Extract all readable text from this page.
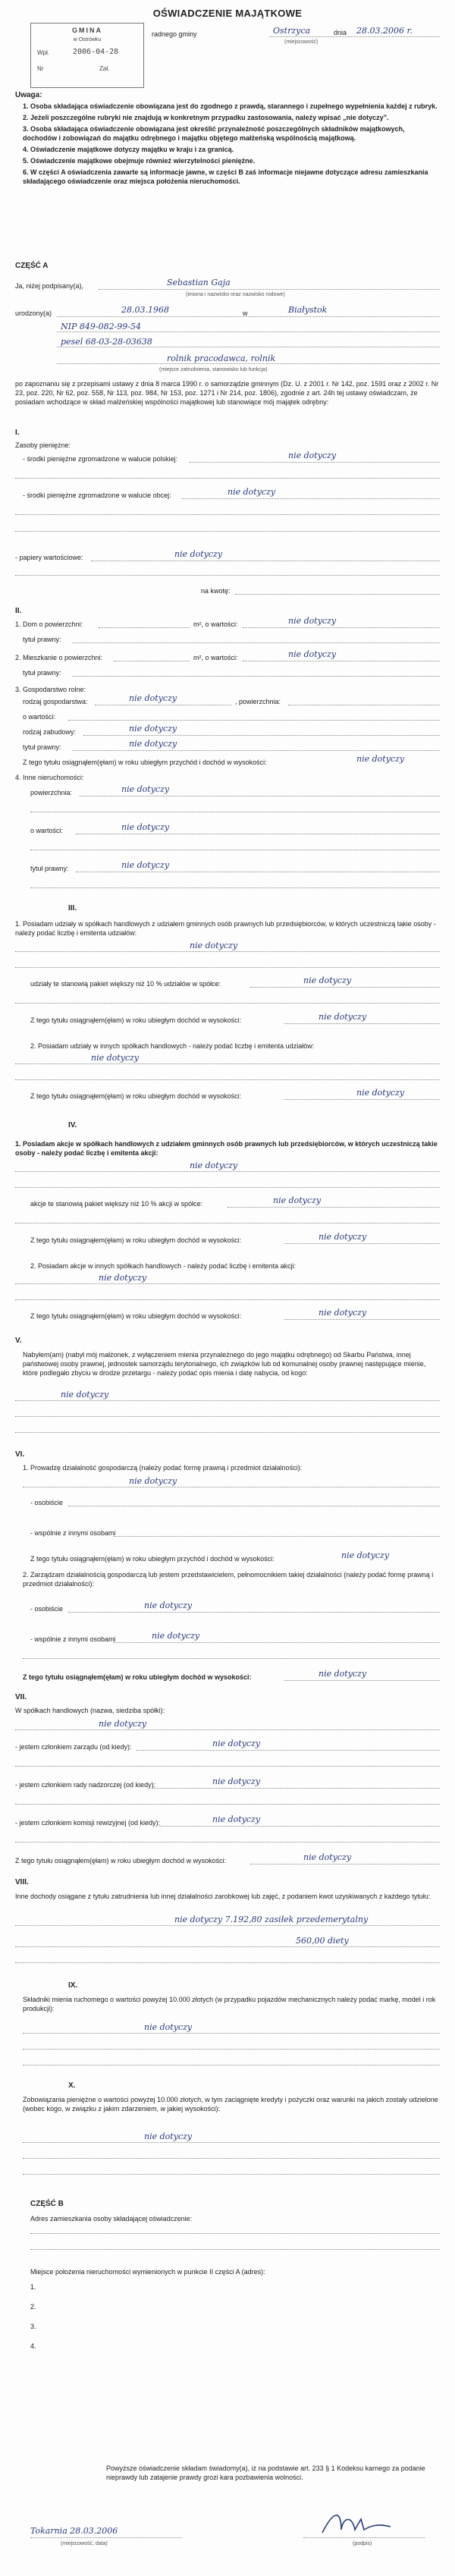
OŚWIADCZENIE MAJĄTKOWE
GMINA
w Ostrówku
Wpł.	2006-04-28
Nr	Zał.
radnego gminy	Ostrzyca	dnia 28.03.2006 r.
(miejscowość)
Uwaga:
1. Osoba składająca oświadczenie obowiązana jest do zgodnego z prawdą, starannego i zupełnego wypełnienia każdej z rubryk.
2. Jeżeli poszczególne rubryki nie znajdują w konkretnym przypadku zastosowania, należy wpisać „nie dotyczy”.
3. Osoba składająca oświadczenie obowiązana jest określić przynależność poszczególnych składników majątkowych, dochodów i zobowiązań do majątku odrębnego i majątku objętego małżeńską wspólnością majątkową.
4. Oświadczenie majątkowe dotyczy majątku w kraju i za granicą.
5. Oświadczenie majątkowe obejmuje również wierzytelności pieniężne.
6. W części A oświadczenia zawarte są informacje jawne, w części B zaś informacje niejawne dotyczące adresu zamieszkania składającego oświadczenie oraz miejsca położenia nieruchomości.
CZĘŚĆ A
Ja, niżej podpisany(a),	Sebastian Gaja
(imiona i nazwisko oraz nazwisko rodowe)
urodzony(a)	28.03.1968	w	Białystok
NIP 849-082-99-54
pesel 68-03-28-03638
rolnik pracodawca, rolnik
(miejsce zatrudnienia, stanowisko lub funkcja)
po zapoznaniu się z przepisami ustawy z dnia 8 marca 1990 r. o samorządzie gminnym (Dz. U. z 2001 r. Nr 142, poz. 1591 oraz z 2002 r. Nr 23, poz. 220, Nr 62, poz. 558, Nr 113, poz. 984, Nr 153, poz. 1271 i Nr 214, poz. 1806), zgodnie z art. 24h tej ustawy oświadczam, że posiadam wchodzące w skład małżeńskiej wspólności majątkowej lub stanowiące mój majątek odrębny:
I.
Zasoby pieniężne:
- środki pieniężne zgromadzone w walucie polskiej:	nie dotyczy
- środki pieniężne zgromadzone w walucie obcej:	nie dotyczy
- papiery wartościowe:	nie dotyczy
na kwotę:
II.
1. Dom o powierzchni:	m², o wartości:	nie dotyczy
tytuł prawny:
2. Mieszkanie o powierzchni:	m², o wartości:	nie dotyczy
tytuł prawny:
3. Gospodarstwo rolne:
rodzaj gospodarstwa:	nie dotyczy	, powierzchnia:
o wartości:
rodzaj zabudowy:	nie dotyczy
tytuł prawny:	nie dotyczy
Z tego tytułu osiągnąłem(ęłam) w roku ubiegłym przychód i dochód w wysokości:	nie dotyczy
4. Inne nieruchomości:
powierzchnia:	nie dotyczy
o wartości:	nie dotyczy
tytuł prawny:	nie dotyczy
III.
1. Posiadam udziały w spółkach handlowych z udziałem gminnych osób prawnych lub przedsiębiorców, w których uczestniczą takie osoby - należy podać liczbę i emitenta udziałów:
nie dotyczy
udziały te stanowią pakiet większy niż 10 % udziałów w spółce:	nie dotyczy
Z tego tytułu osiągnąłem(ęłam) w roku ubiegłym dochód w wysokości:	nie dotyczy
2. Posiadam udziały w innych spółkach handlowych - należy podać liczbę i emitenta udziałów:
nie dotyczy
Z tego tytułu osiągnąłem(ęłam) w roku ubiegłym dochód w wysokości:	nie dotyczy
IV.
1. Posiadam akcje w spółkach handlowych z udziałem gminnych osób prawnych lub przedsiębiorców, w których uczestniczą takie osoby - należy podać liczbę i emitenta akcji:
nie dotyczy
akcje te stanowią pakiet większy niż 10 % akcji w spółce:	nie dotyczy
Z tego tytułu osiągnąłem(ęłam) w roku ubiegłym dochód w wysokości:	nie dotyczy
2. Posiadam akcje w innych spółkach handlowych - należy podać liczbę i emitenta akcji:
nie dotyczy
Z tego tytułu osiągnąłem(ęłam) w roku ubiegłym dochód w wysokości:	nie dotyczy
V.
Nabyłem(am) (nabył mój małżonek, z wyłączeniem mienia przynależnego do jego majątku odrębnego) od Skarbu Państwa, innej państwowej osoby prawnej, jednostek samorządu terytorialnego, ich związków lub od komunalnej osoby prawnej następujące mienie, które podlegało zbyciu w drodze przetargu - należy podać opis mienia i datę nabycia, od kogo:
nie dotyczy
VI.
1. Prowadzę działalność gospodarczą (należy podać formę prawną i przedmiot działalności):
nie dotyczy
- osobiście
- wspólnie z innymi osobami
Z tego tytułu osiągnąłem(ęłam) w roku ubiegłym przychód i dochód w wysokości:	nie dotyczy
2. Zarządzam działalnością gospodarczą lub jestem przedstawicielem, pełnomocnikiem takiej działalności (należy podać formę prawną i przedmiot działalności):
- osobiście	nie dotyczy
- wspólnie z innymi osobami	nie dotyczy
Z tego tytułu osiągnąłem(ęłam) w roku ubiegłym dochód w wysokości:	nie dotyczy
VII.
W spółkach handlowych (nazwa, siedziba spółki):
nie dotyczy
- jestem członkiem zarządu (od kiedy):	nie dotyczy
- jestem członkiem rady nadzorczej (od kiedy):	nie dotyczy
- jestem członkiem komisji rewizyjnej (od kiedy):	nie dotyczy
Z tego tytułu osiągnąłem(ęłam) w roku ubiegłym dochód w wysokości:	nie dotyczy
VIII.
Inne dochody osiągane z tytułu zatrudnienia lub innej działalności zarobkowej lub zajęć, z podaniem kwot uzyskiwanych z każdego tytułu:
nie dotyczy 7.192,80 zasiłek przedemerytalny
560,00 diety
IX.
Składniki mienia ruchomego o wartości powyżej 10.000 złotych (w przypadku pojazdów mechanicznych należy podać markę, model i rok produkcji):
nie dotyczy
X.
Zobowiązania pieniężne o wartości powyżej 10.000 złotych, w tym zaciągnięte kredyty i pożyczki oraz warunki na jakich zostały udzielone (wobec kogo, w związku z jakim zdarzeniem, w jakiej wysokości):
nie dotyczy
CZĘŚĆ B
Adres zamieszkania osoby składającej oświadczenie:
Miejsce położenia nieruchomości wymienionych w punkcie II części A (adres):
1.
2.
3.
4.
Powyższe oświadczenie składam świadomy(a), iż na podstawie art. 233 § 1 Kodeksu karnego za podanie nieprawdy lub zatajenie prawdy grozi kara pozbawienia wolności.
Tokarnia 28.03.2006
(miejscowość, data)	(podpis)
